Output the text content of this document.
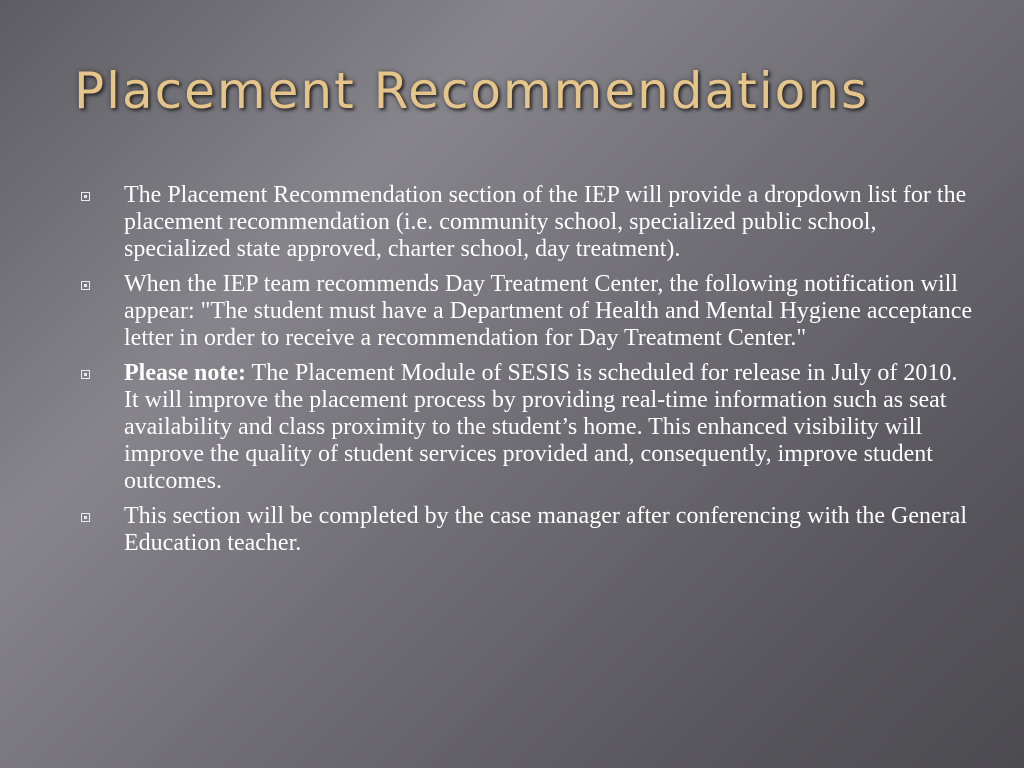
Placement Recommendations
The Placement Recommendation section of the IEP will provide a dropdown list for the placement recommendation (i.e. community school, specialized public school, specialized state approved, charter school, day treatment).
When the IEP team recommends Day Treatment Center, the following notification will appear: "The student must have a Department of Health and Mental Hygiene acceptance letter in order to receive a recommendation for Day Treatment Center."
Please note: The Placement Module of SESIS is scheduled for release in July of 2010. It will improve the placement process by providing real-time information such as seat availability and class proximity to the student’s home. This enhanced visibility will improve the quality of student services provided and, consequently, improve student outcomes.
This section will be completed by the case manager after conferencing with the General Education teacher.
